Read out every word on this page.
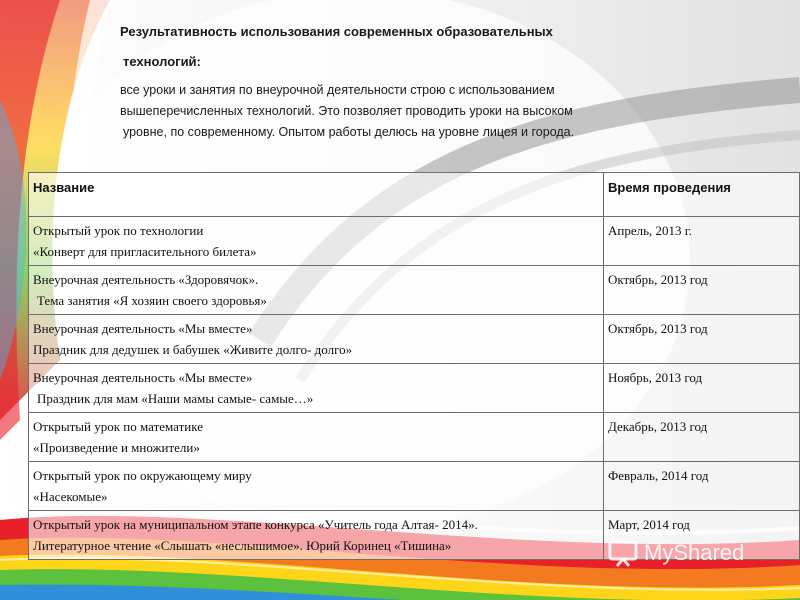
Результативность использования современных образовательных
технологий:
все уроки и занятия по внеурочной деятельности строю с использованием
вышеперечисленных технологий. Это позволяет проводить уроки на высоком
уровне, по современному. Опытом работы делюсь на уровне лицея и города.
Название	Время проведения

Открытый урок по технологии
«Конверт для пригласительного билета»	Апрель, 2013 г.

Внеурочная деятельность «Здоровячок».
Тема занятия «Я хозяин своего здоровья»	Октябрь, 2013 год

Внеурочная деятельность «Мы вместе»
Праздник для дедушек и бабушек «Живите долго- долго»	Октябрь, 2013 год

Внеурочная деятельность «Мы вместе»
Праздник для мам «Наши мамы самые- самые…»	Ноябрь, 2013 год

Открытый урок по математике
«Произведение и множители»	Декабрь, 2013 год

Открытый урок по окружающему миру
«Насекомые»	Февраль, 2014 год

Открытый урок на муниципальном этапе конкурса «Учитель года Алтая- 2014».
Литературное чтение «Слышать «неслышимое». Юрий Коринец «Тишина»	Март, 2014 год
MyShared
